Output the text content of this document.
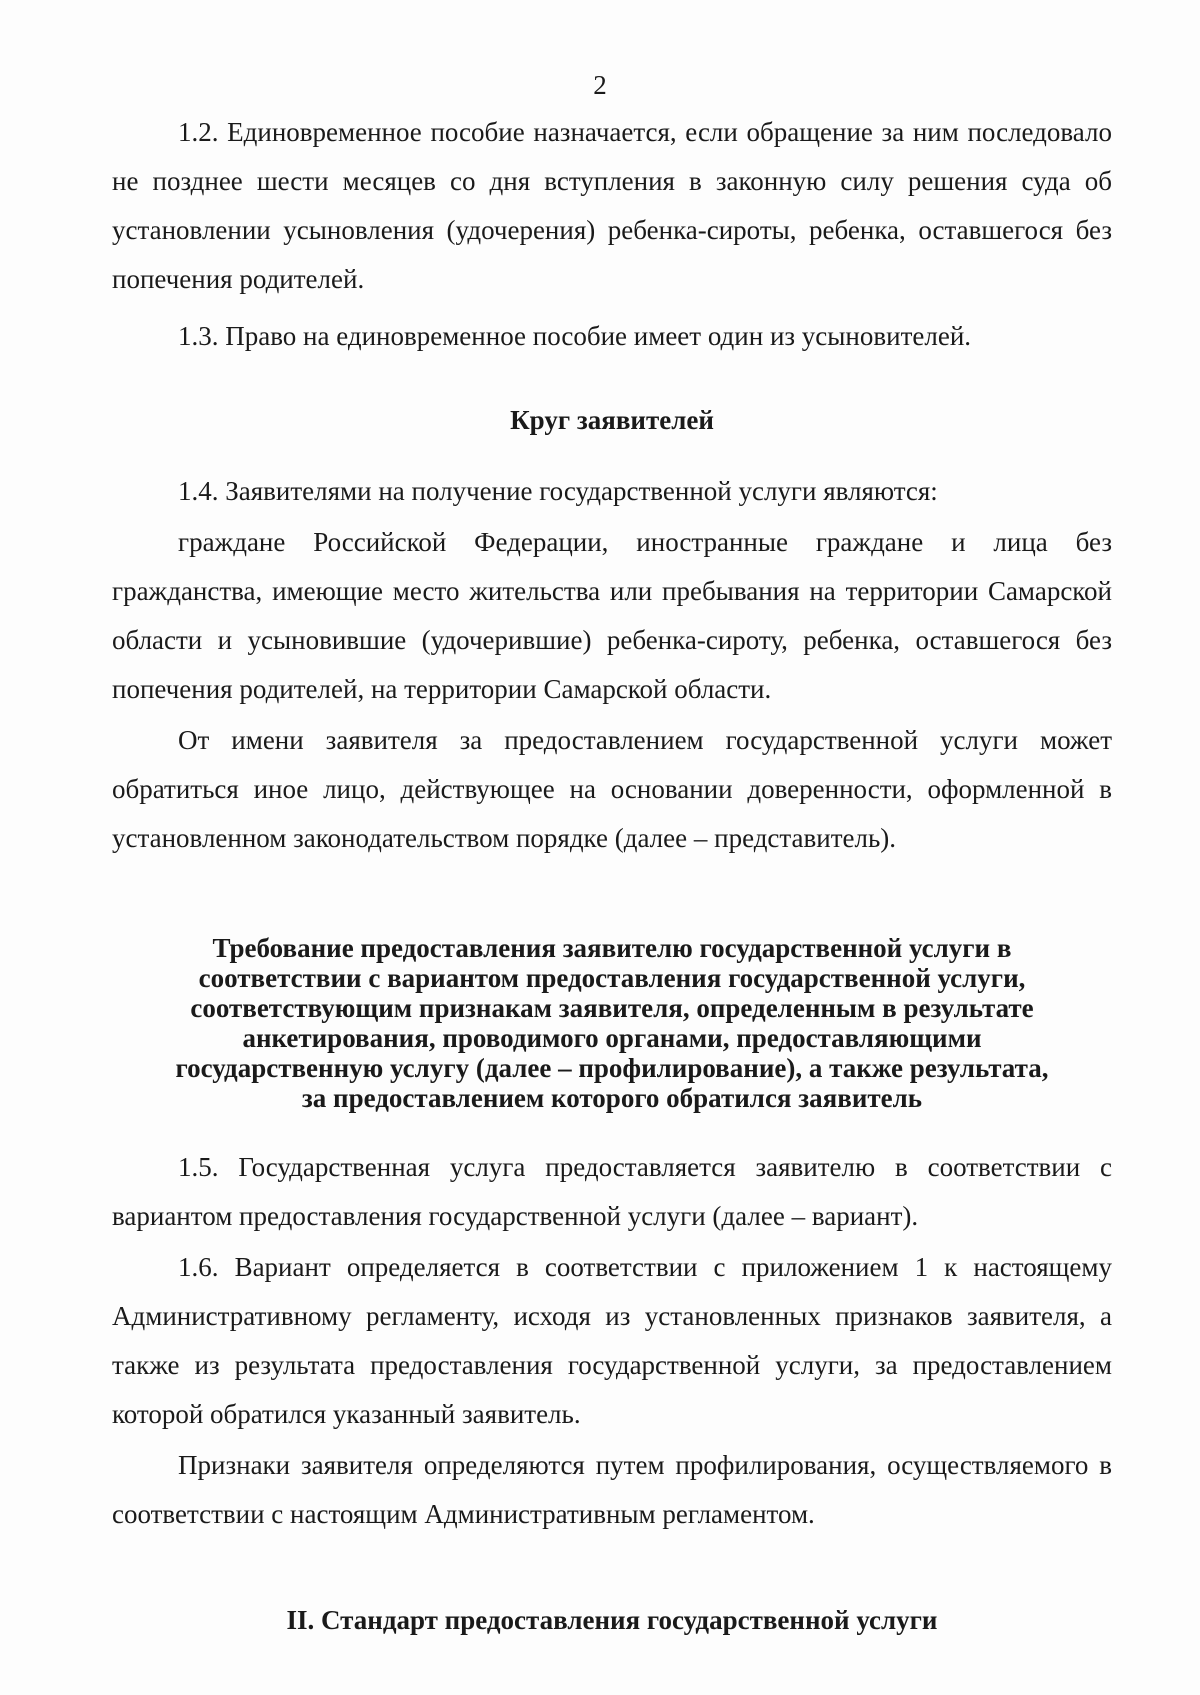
2

1.2. Единовременное пособие назначается, если обращение за ним последовало не позднее шести месяцев со дня вступления в законную силу решения суда об установлении усыновления (удочерения) ребенка-сироты, ребенка, оставшегося без попечения родителей.

1.3. Право на единовременное пособие имеет один из усыновителей.

Круг заявителей

1.4. Заявителями на получение государственной услуги являются:

граждане Российской Федерации, иностранные граждане и лица без гражданства, имеющие место жительства или пребывания на территории Самарской области и усыновившие (удочерившие) ребенка-сироту, ребенка, оставшегося без попечения родителей, на территории Самарской области.

От имени заявителя за предоставлением государственной услуги может обратиться иное лицо, действующее на основании доверенности, оформленной в установленном законодательством порядке (далее – представитель).

Требование предоставления заявителю государственной услуги в

соответствии с вариантом предоставления государственной услуги,

соответствующим признакам заявителя, определенным в результате

анкетирования, проводимого органами, предоставляющими

государственную услугу (далее – профилирование), а также результата,

за предоставлением которого обратился заявитель

1.5. Государственная услуга предоставляется заявителю в соответствии с вариантом предоставления государственной услуги (далее – вариант).

1.6. Вариант определяется в соответствии с приложением 1 к настоящему Административному регламенту, исходя из установленных признаков заявителя, а также из результата предоставления государственной услуги, за предоставлением которой обратился указанный заявитель.

Признаки заявителя определяются путем профилирования, осуществляемого в соответствии с настоящим Административным регламентом.

II. Стандарт предоставления государственной услуги
